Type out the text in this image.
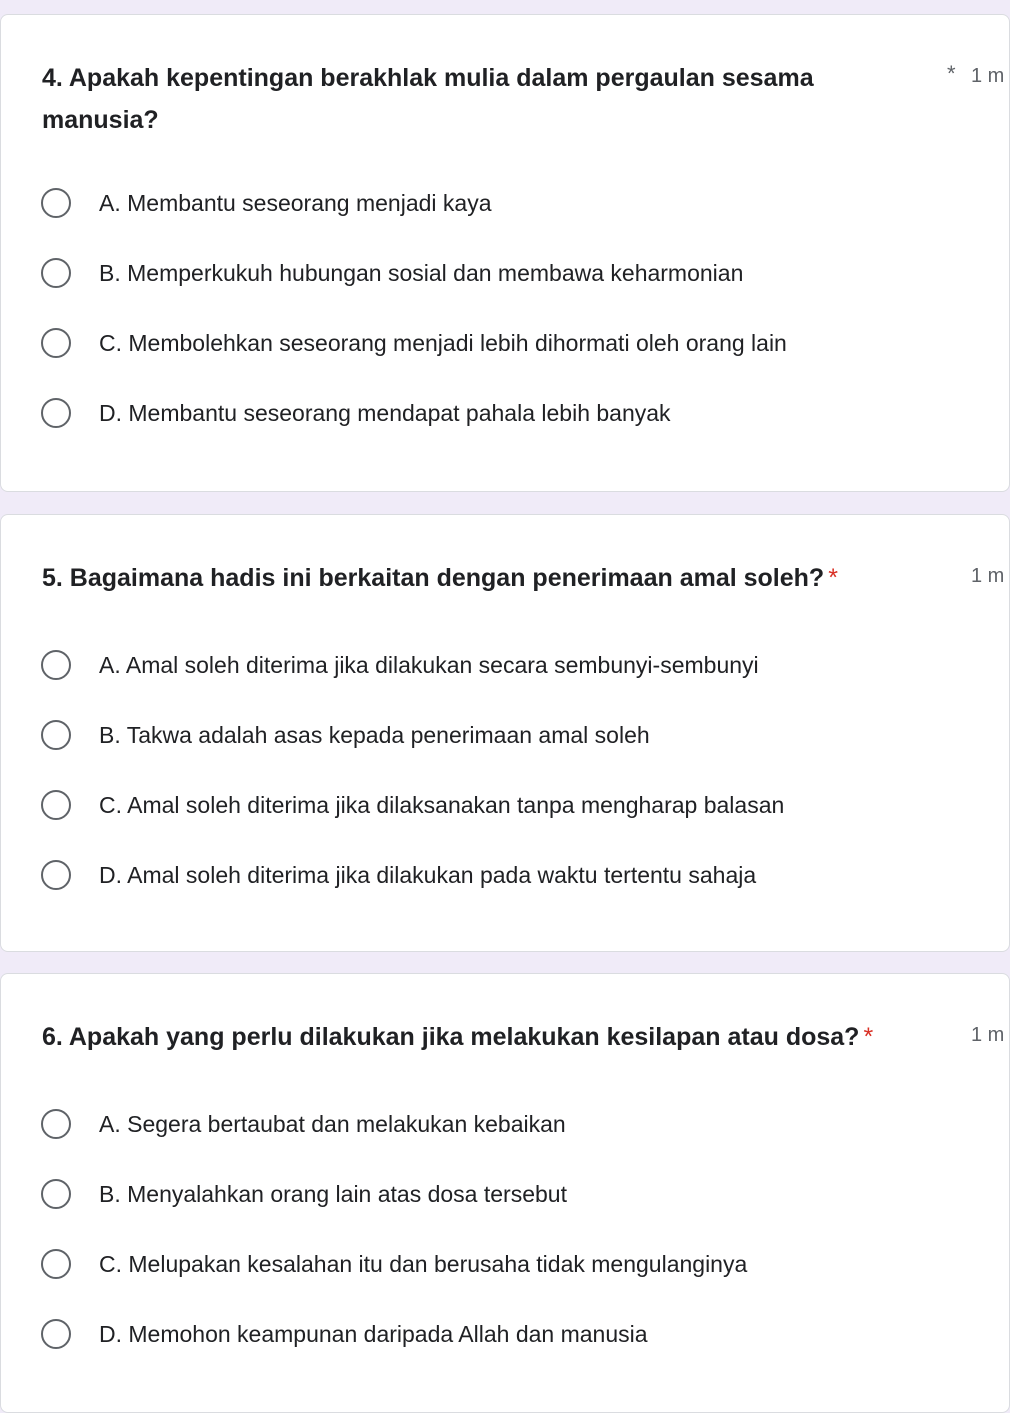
4. Apakah kepentingan berakhlak mulia dalam pergaulan sesama
manusia?
* 1 m
A. Membantu seseorang menjadi kaya
B. Memperkukuh hubungan sosial dan membawa keharmonian
C. Membolehkan seseorang menjadi lebih dihormati oleh orang lain
D. Membantu seseorang mendapat pahala lebih banyak
5. Bagaimana hadis ini berkaitan dengan penerimaan amal soleh? *	1 m
A. Amal soleh diterima jika dilakukan secara sembunyi-sembunyi
B. Takwa adalah asas kepada penerimaan amal soleh
C. Amal soleh diterima jika dilaksanakan tanpa mengharap balasan
D. Amal soleh diterima jika dilakukan pada waktu tertentu sahaja
6. Apakah yang perlu dilakukan jika melakukan kesilapan atau dosa? *	1 m
A. Segera bertaubat dan melakukan kebaikan
B. Menyalahkan orang lain atas dosa tersebut
C. Melupakan kesalahan itu dan berusaha tidak mengulanginya
D. Memohon keampunan daripada Allah dan manusia
